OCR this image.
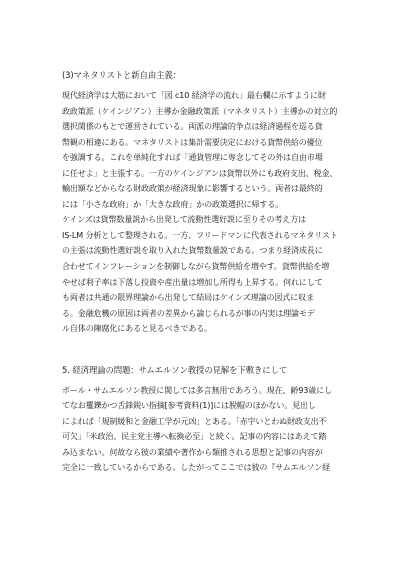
(3)マネタリストと新自由主義：
現代経済学は大筋において「図 c10 経済学の流れ」最右欄に示すように財
政政策派（ケインジアン）主導か金融政策派（マネタリスト）主導かの対立的
選択関係のもとで運営されている。両派の理論的争点は経済過程を巡る貨
幣観の相違にある。マネタリストは集計需要決定における貨幣供給の優位
を強調する。これを単純化すれば「通貨管理に専念してその外は自由市場
に任せよ」と主張する。一方のケインジアンは貨幣以外にも政府支出、税金、
輸出額などからなる財政政策が経済現象に影響するという。両者は最終的
には「小さな政府」か「大きな政府」かの政策選択に帰する。
ケインズは貨幣数量説から出発して流動性選好説に至りその考え方は
IS-LM 分析として整理される。一方、フリードマンに代表されるマネタリスト
の主張は流動性選好説を取り入れた貨幣数量説である。つまり経済成長に
合わせてインフレーションを制御しながら貨幣供給を増やす。貨幣供給を増
やせば利子率は下落し投資や産出量は増加し所得も上昇する。何れにして
も両者は共通の限界理論から出発して結局はケインズ理論の図式に収ま
る。金融危機の原因は両者の差異から論じられるが事の内実は理論モデ
ル自体の陳腐化にあると見るべきである。
5. 経済理論の問題：サムエルソン教授の見解を下敷きにして
ポール・サムエルソン教授に関しては多言無用であろう。現在、齢93歳にし
てなお矍鑠かつ舌鋒鋭い指摘[参考資料(1)]には脱帽のほかない。見出し
によれば「規制緩和と金融工学が元凶」とある。「赤字いとわぬ財政支出不
可欠」「米政治、民主党主導へ転換必至」と続く。記事の内容にはあえて踏
み込まない。何故なら彼の業績や著作から類推される思想と記事の内容が
完全に一致しているからである。したがってここでは彼の『サムエルソン経
